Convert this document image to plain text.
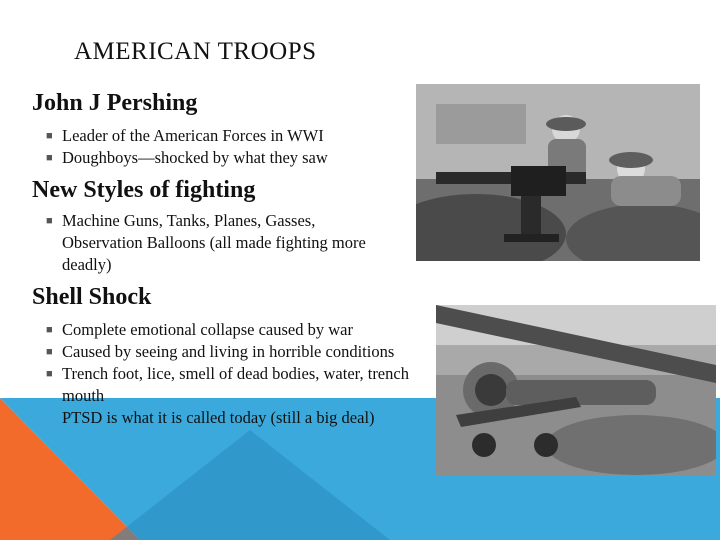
AMERICAN TROOPS
John J Pershing
■ Leader of the American Forces in WWI
■ Doughboys—shocked by what they saw
New Styles of fighting
■ Machine Guns, Tanks, Planes, Gasses, Observation Balloons (all made fighting more deadly)
Shell Shock
■ Complete emotional collapse caused by war
■ Caused by seeing and living in horrible conditions
■ Trench foot, lice, smell of dead bodies, water, trench mouth
PTSD is what it is called today (still a big deal)
